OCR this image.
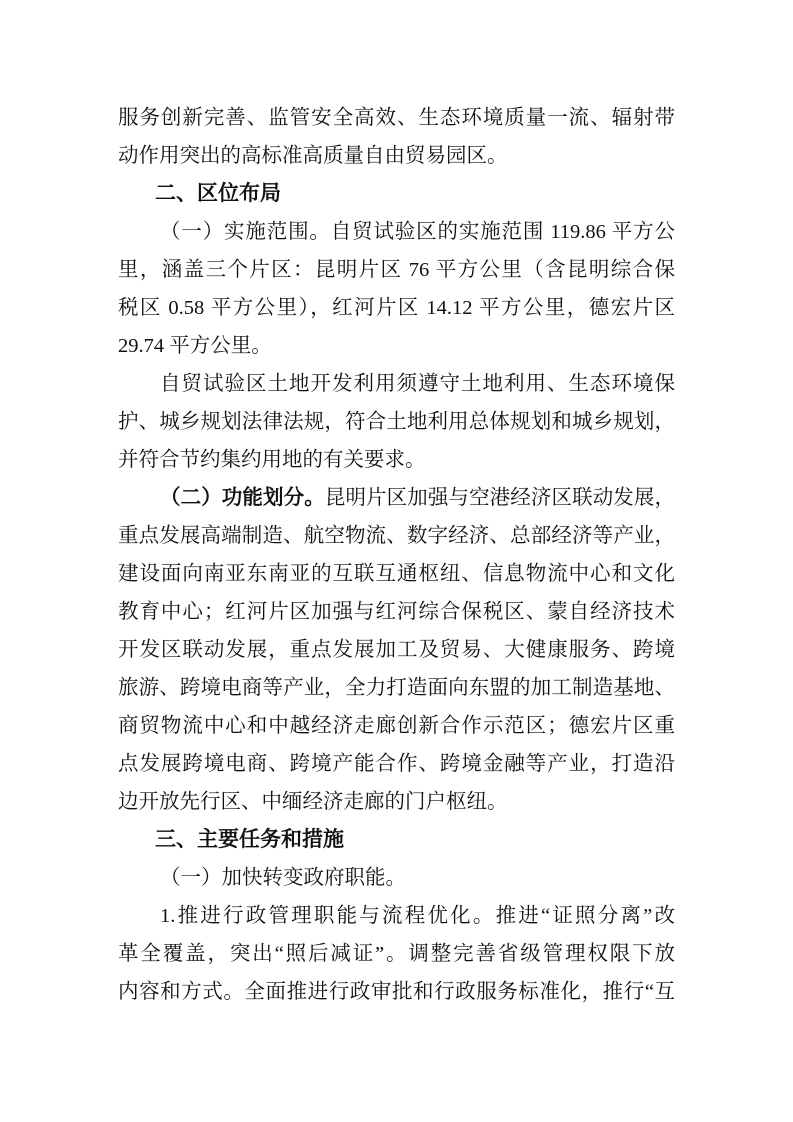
服务创新完善、监管安全高效、生态环境质量一流、辐射带
动作用突出的高标准高质量自由贸易园区。
二、区位布局
（一）实施范围。自贸试验区的实施范围 119.86 平方公
里，涵盖三个片区：昆明片区 76 平方公里（含昆明综合保
税区 0.58 平方公里），红河片区 14.12 平方公里，德宏片区
29.74 平方公里。
自贸试验区土地开发利用须遵守土地利用、生态环境保
护、城乡规划法律法规，符合土地利用总体规划和城乡规划，
并符合节约集约用地的有关要求。
（二）功能划分。昆明片区加强与空港经济区联动发展，
重点发展高端制造、航空物流、数字经济、总部经济等产业，
建设面向南亚东南亚的互联互通枢纽、信息物流中心和文化
教育中心；红河片区加强与红河综合保税区、蒙自经济技术
开发区联动发展，重点发展加工及贸易、大健康服务、跨境
旅游、跨境电商等产业，全力打造面向东盟的加工制造基地、
商贸物流中心和中越经济走廊创新合作示范区；德宏片区重
点发展跨境电商、跨境产能合作、跨境金融等产业，打造沿
边开放先行区、中缅经济走廊的门户枢纽。
三、主要任务和措施
（一）加快转变政府职能。
1.推进行政管理职能与流程优化。推进“证照分离”改
革全覆盖，突出“照后减证”。调整完善省级管理权限下放
内容和方式。全面推进行政审批和行政服务标准化，推行“互
